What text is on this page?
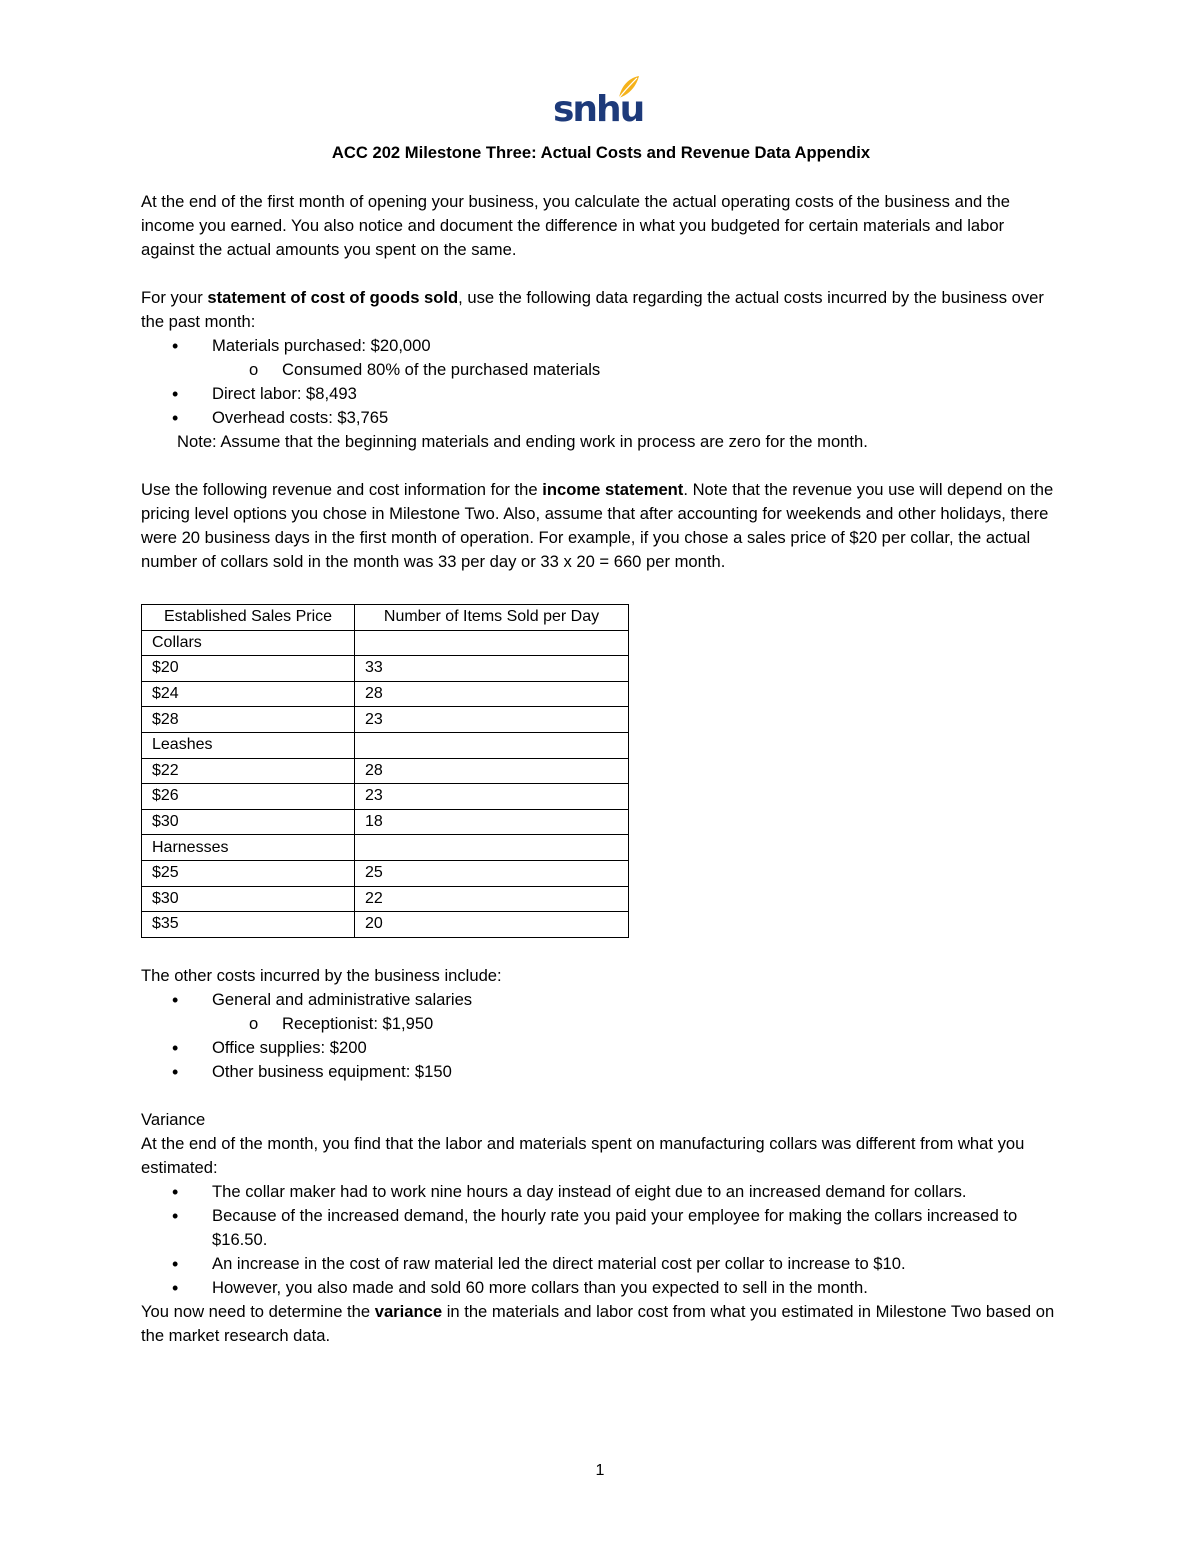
snhu
ACC 202 Milestone Three: Actual Costs and Revenue Data Appendix

At the end of the first month of opening your business, you calculate the actual operating costs of the business and the income you earned. You also notice and document the difference in what you budgeted for certain materials and labor against the actual amounts you spent on the same.

For your statement of cost of goods sold, use the following data regarding the actual costs incurred by the business over the past month:

• Materials purchased: $20,000
o Consumed 80% of the purchased materials
• Direct labor: $8,493
• Overhead costs: $3,765

Note: Assume that the beginning materials and ending work in process are zero for the month.

Use the following revenue and cost information for the income statement. Note that the revenue you use will depend on the pricing level options you chose in Milestone Two. Also, assume that after accounting for weekends and other holidays, there were 20 business days in the first month of operation. For example, if you chose a sales price of $20 per collar, the actual number of collars sold in the month was 33 per day or 33 x 20 = 660 per month.

Established Sales Price	Number of Items Sold per Day
Collars	
$20	33
$24	28
$28	23
Leashes	
$22	28
$26	23
$30	18
Harnesses	
$25	25
$30	22
$35	20

The other costs incurred by the business include:

• General and administrative salaries
o Receptionist: $1,950
• Office supplies: $200
• Other business equipment: $150

Variance

At the end of the month, you find that the labor and materials spent on manufacturing collars was different from what you estimated:

• The collar maker had to work nine hours a day instead of eight due to an increased demand for collars.
• Because of the increased demand, the hourly rate you paid your employee for making the collars increased to $16.50.
• An increase in the cost of raw material led the direct material cost per collar to increase to $10.
• However, you also made and sold 60 more collars than you expected to sell in the month.

You now need to determine the variance in the materials and labor cost from what you estimated in Milestone Two based on the market research data.

1
